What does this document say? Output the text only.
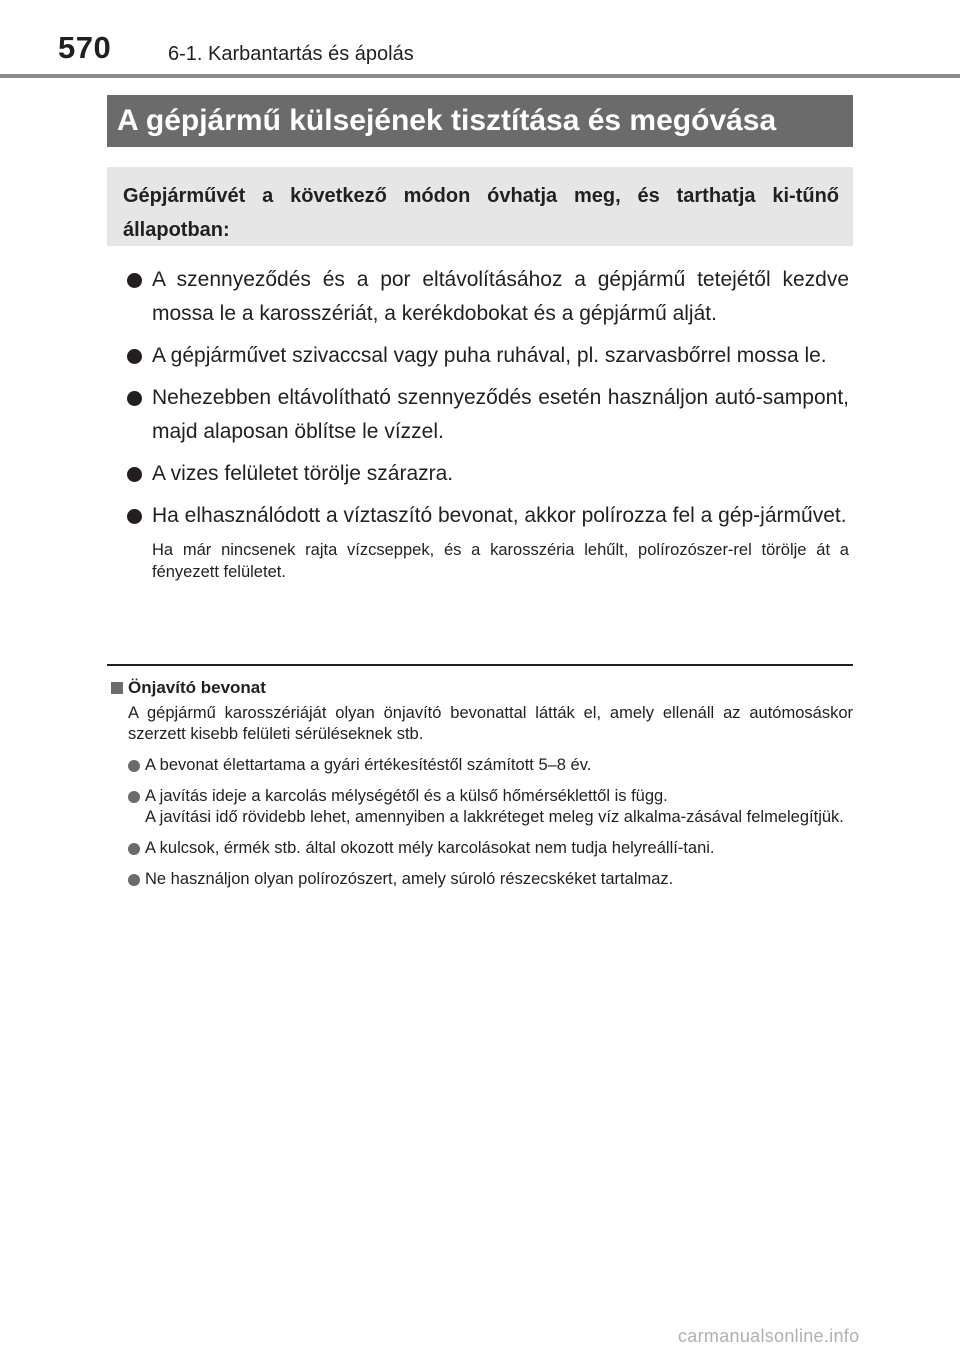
570	6-1. Karbantartás és ápolás
A gépjármű külsejének tisztítása és megóvása
Gépjárművét a következő módon óvhatja meg, és tarthatja ki-tűnő állapotban:
A szennyeződés és a por eltávolításához a gépjármű tetejétől kezdve mossa le a karosszériát, a kerékdobokat és a gépjármű alját.
A gépjárművet szivaccsal vagy puha ruhával, pl. szarvasbőrrel mossa le.
Nehezebben eltávolítható szennyeződés esetén használjon autó-sampont, majd alaposan öblítse le vízzel.
A vizes felületet törölje szárazra.
Ha elhasználódott a víztaszító bevonat, akkor polírozza fel a gép-járművet.

Ha már nincsenek rajta vízcseppek, és a karosszéria lehűlt, polírozószer-rel törölje át a fényezett felületet.

Önjavító bevonat

A gépjármű karosszériáját olyan önjavító bevonattal látták el, amely ellenáll az autómosáskor szerzett kisebb felületi sérüléseknek stb.

A bevonat élettartama a gyári értékesítéstől számított 5–8 év.

A javítás ideje a karcolás mélységétől és a külső hőmérséklettől is függ.

A javítási idő rövidebb lehet, amennyiben a lakkréteget meleg víz alkalma-zásával felmelegítjük.

A kulcsok, érmék stb. által okozott mély karcolásokat nem tudja helyreállí-tani.

Ne használjon olyan polírozószert, amely súroló részecskéket tartalmaz.

carmanualsonline.info
